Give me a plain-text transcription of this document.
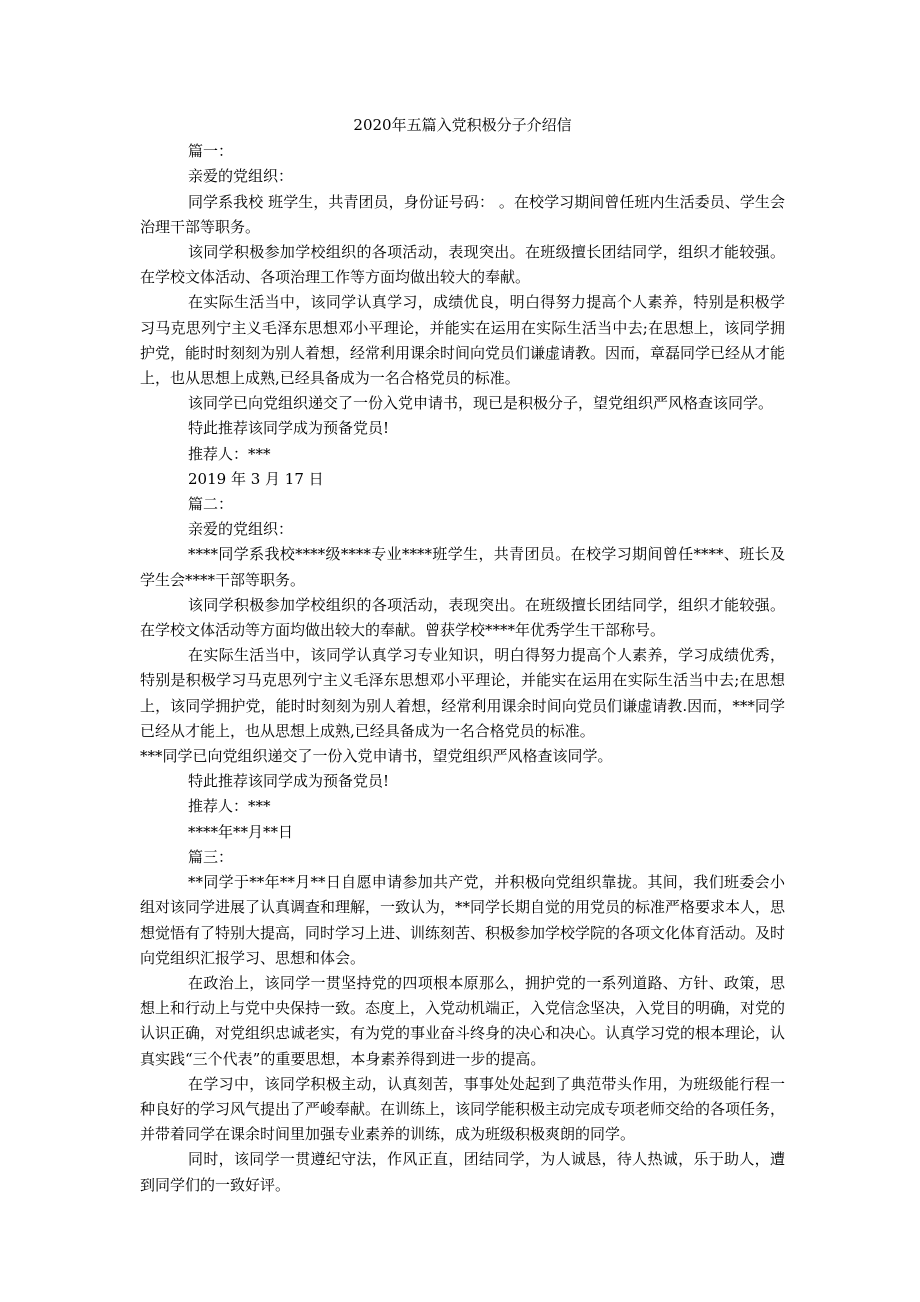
2020年五篇入党积极分子介绍信

篇一：

亲爱的党组织：

同学系我校 班学生，共青团员，身份证号码： 。在校学习期间曾任班内生活委员、学生会治理干部等职务。

该同学积极参加学校组织的各项活动，表现突出。在班级擅长团结同学，组织才能较强。在学校文体活动、各项治理工作等方面均做出较大的奉献。

在实际生活当中，该同学认真学习，成绩优良，明白得努力提高个人素养，特别是积极学习马克思列宁主义毛泽东思想邓小平理论，并能实在运用在实际生活当中去;在思想上，该同学拥护党，能时时刻刻为别人着想，经常利用课余时间向党员们谦虚请教。因而，章磊同学已经从才能上，也从思想上成熟,已经具备成为一名合格党员的标准。

该同学已向党组织递交了一份入党申请书，现已是积极分子，望党组织严风格查该同学。

特此推荐该同学成为预备党员!

推荐人：***

2019 年 3 月 17 日

篇二：

亲爱的党组织：

****同学系我校****级****专业****班学生，共青团员。在校学习期间曾任****、班长及学生会****干部等职务。

该同学积极参加学校组织的各项活动，表现突出。在班级擅长团结同学，组织才能较强。在学校文体活动等方面均做出较大的奉献。曾获学校****年优秀学生干部称号。

在实际生活当中，该同学认真学习专业知识，明白得努力提高个人素养，学习成绩优秀，特别是积极学习马克思列宁主义毛泽东思想邓小平理论，并能实在运用在实际生活当中去;在思想上，该同学拥护党，能时时刻刻为别人着想，经常利用课余时间向党员们谦虚请教.因而，***同学已经从才能上，也从思想上成熟,已经具备成为一名合格党员的标准。

***同学已向党组织递交了一份入党申请书，望党组织严风格查该同学。

特此推荐该同学成为预备党员!

推荐人：***

****年**月**日

篇三：

**同学于**年**月**日自愿申请参加共产党，并积极向党组织靠拢。其间，我们班委会小组对该同学进展了认真调查和理解，一致认为，**同学长期自觉的用党员的标准严格要求本人，思想觉悟有了特别大提高，同时学习上进、训练刻苦、积极参加学校学院的各项文化体育活动。及时向党组织汇报学习、思想和体会。

在政治上，该同学一贯坚持党的四项根本原那么，拥护党的一系列道路、方针、政策，思想上和行动上与党中央保持一致。态度上，入党动机端正，入党信念坚决，入党目的明确，对党的认识正确，对党组织忠诚老实，有为党的事业奋斗终身的决心和决心。认真学习党的根本理论，认真实践“三个代表”的重要思想，本身素养得到进一步的提高。

在学习中，该同学积极主动，认真刻苦，事事处处起到了典范带头作用，为班级能行程一种良好的学习风气提出了严峻奉献。在训练上，该同学能积极主动完成专项老师交给的各项任务，并带着同学在课余时间里加强专业素养的训练，成为班级积极爽朗的同学。

同时，该同学一贯遵纪守法，作风正直，团结同学，为人诚恳，待人热诚，乐于助人，遭到同学们的一致好评。
